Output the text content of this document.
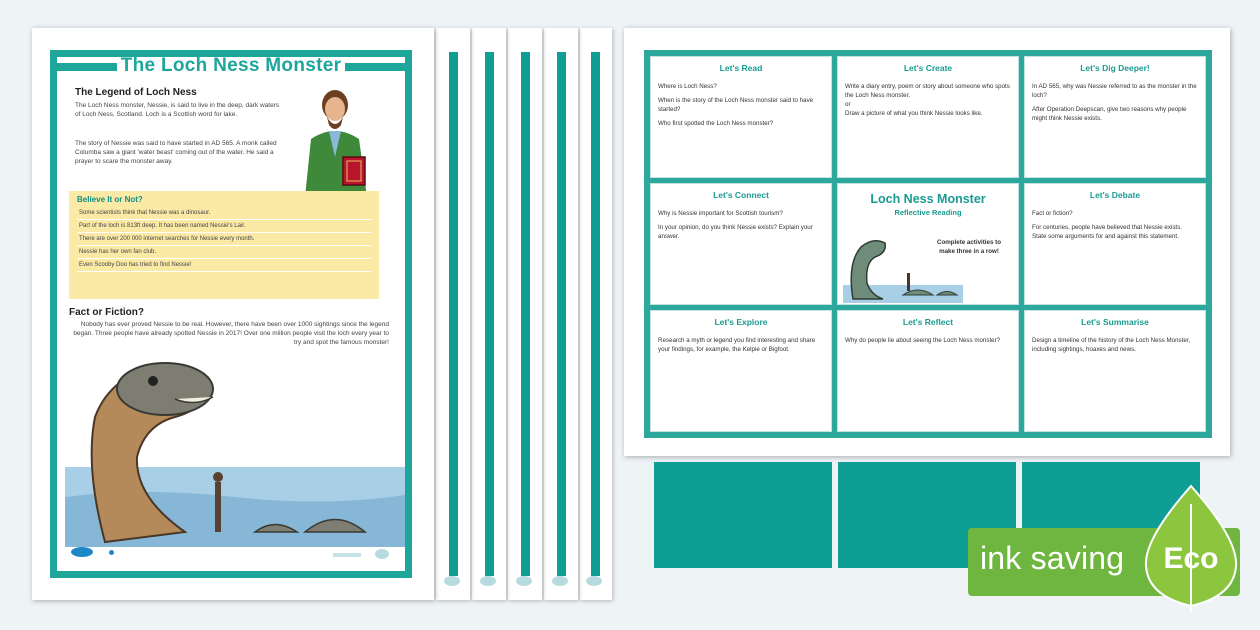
The Loch Ness Monster
The Legend of Loch Ness
The Loch Ness monster, Nessie, is said to live in the deep, dark waters of Loch Ness, Scotland. Loch is a Scottish word for lake.
The story of Nessie was said to have started in AD 565. A monk called Columba saw a giant 'water beast' coming out of the water. He said a prayer to scare the monster away.
Believe It or Not?
Some scientists think that Nessie was a dinosaur.
Part of the loch is 813ft deep. It has been named Nessie's Lair.
There are over 200 000 internet searches for Nessie every month.
Nessie has her own fan club.
Even Scooby Doo has tried to find Nessie!
Fact or Fiction?
Nobody has ever proved Nessie to be real. However, there have been over 1000 sightings since the legend began. Three people have already spotted Nessie in 2017! Over one million people visit the loch every year to try and spot the famous monster!
Let's Read
Where is Loch Ness?
When is the story of the Loch Ness monster said to have started?
Who first spotted the Loch Ness monster?
Let's Create
Write a diary entry, poem or story about someone who spots the Loch Ness monster.
or
Draw a picture of what you think Nessie looks like.
Let's Dig Deeper!
In AD 565, why was Nessie referred to as the monster in the loch?
After Operation Deepscan, give two reasons why people might think Nessie exists.
Let's Connect
Why is Nessie important for Scottish tourism?
In your opinion, do you think Nessie exists? Explain your answer.
Loch Ness Monster
Reflective Reading
Complete activities to make three in a row!
Let's Debate
Fact or fiction?
For centuries, people have believed that Nessie exists. State some arguments for and against this statement.
Let's Explore
Research a myth or legend you find interesting and share your findings, for example, the Kelpie or Bigfoot.
Let's Reflect
Why do people lie about seeing the Loch Ness monster?
Let's Summarise
Design a timeline of the history of the Loch Ness Monster, including sightings, hoaxes and news.
ink saving Eco
